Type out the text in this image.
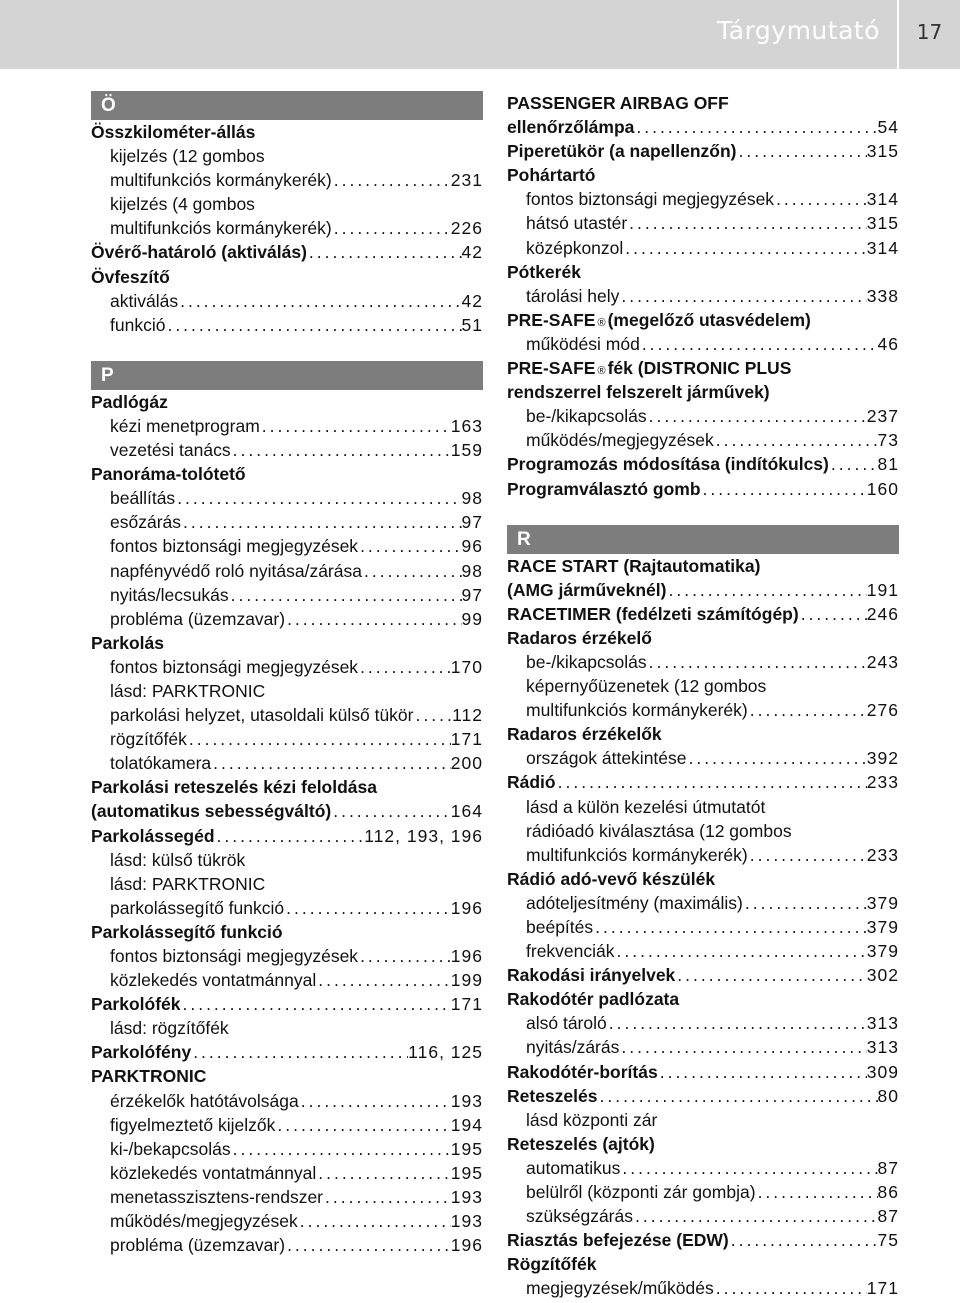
Tárgymutató	17
Ö
Összkilométer-állás
kijelzés (12 gombos
multifunkciós kormánykerék) .....	231
kijelzés (4 gombos
multifunkciós kormánykerék) .....	226
Övérő-határoló (aktiválás) .....	42
Övfeszítő
aktiválás .....	42
funkció .....	51
P
Padlógáz
kézi menetprogram .....	163
vezetési tanács .....	159
Panoráma-tolótető
beállítás .....	98
esőzárás .....	97
fontos biztonsági megjegyzések .....	96
napfényvédő roló nyitása/zárása .....	98
nyitás/lecsukás .....	97
probléma (üzemzavar) .....	99
Parkolás
fontos biztonsági megjegyzések .....	170
lásd: PARKTRONIC
parkolási helyzet, utasoldali külső tükör ..... 112
rögzítőfék .....	171
tolatókamera .....	200
Parkolási reteszelés kézi feloldása
(automatikus sebességváltó) .....	164
Parkolássegéd .....	112, 193, 196
lásd: külső tükrök
lásd: PARKTRONIC
parkolássegítő funkció .....	196
Parkolássegítő funkció
fontos biztonsági megjegyzések .....	196
közlekedés vontatmánnyal .....	199
Parkolófék .....	171
lásd: rögzítőfék
Parkolófény .....	116, 125
PARKTRONIC
érzékelők hatótávolsága .....	193
figyelmeztető kijelzők .....	194
ki-/bekapcsolás .....	195
közlekedés vontatmánnyal .....	195
menetasszisztens-rendszer .....	193
működés/megjegyzések .....	193
probléma (üzemzavar) .....	196
PASSENGER AIRBAG OFF
ellenőrzőlámpa .....	54
Piperetükör (a napellenzőn) .....	315
Pohártartó
fontos biztonsági megjegyzések .....	314
hátsó utastér .....	315
középkonzol .....	314
Pótkerék
tárolási hely .....	338
PRE-SAFE ® (megelőző utasvédelem)
működési mód .....	46
PRE-SAFE ® fék (DISTRONIC PLUS
rendszerrel felszerelt járművek)
be-/kikapcsolás .....	237
működés/megjegyzések .....	73
Programozás módosítása (indítókulcs) .....	81
Programválasztó gomb .....	160
R
RACE START (Rajtautomatika)
(AMG járműveknél) .....	191
RACETIMER (fedélzeti számítógép) .....	246
Radaros érzékelő
be-/kikapcsolás .....	243
képernyőüzenetek (12 gombos
multifunkciós kormánykerék) .....	276
Radaros érzékelők
országok áttekintése .....	392
Rádió .....	233
lásd a külön kezelési útmutatót
rádióadó kiválasztása (12 gombos
multifunkciós kormánykerék) .....	233
Rádió adó-vevő készülék
adóteljesítmény (maximális) .....	379
beépítés .....	379
frekvenciák .....	379
Rakodási irányelvek .....	302
Rakodótér padlózata
alsó tároló .....	313
nyitás/zárás .....	313
Rakodótér-borítás .....	309
Reteszelés .....	80
lásd központi zár
Reteszelés (ajtók)
automatikus .....	87
belülről (központi zár gombja) .....	86
szükségzárás .....	87
Riasztás befejezése (EDW) .....	75
Rögzítőfék
megjegyzések/működés .....	171
